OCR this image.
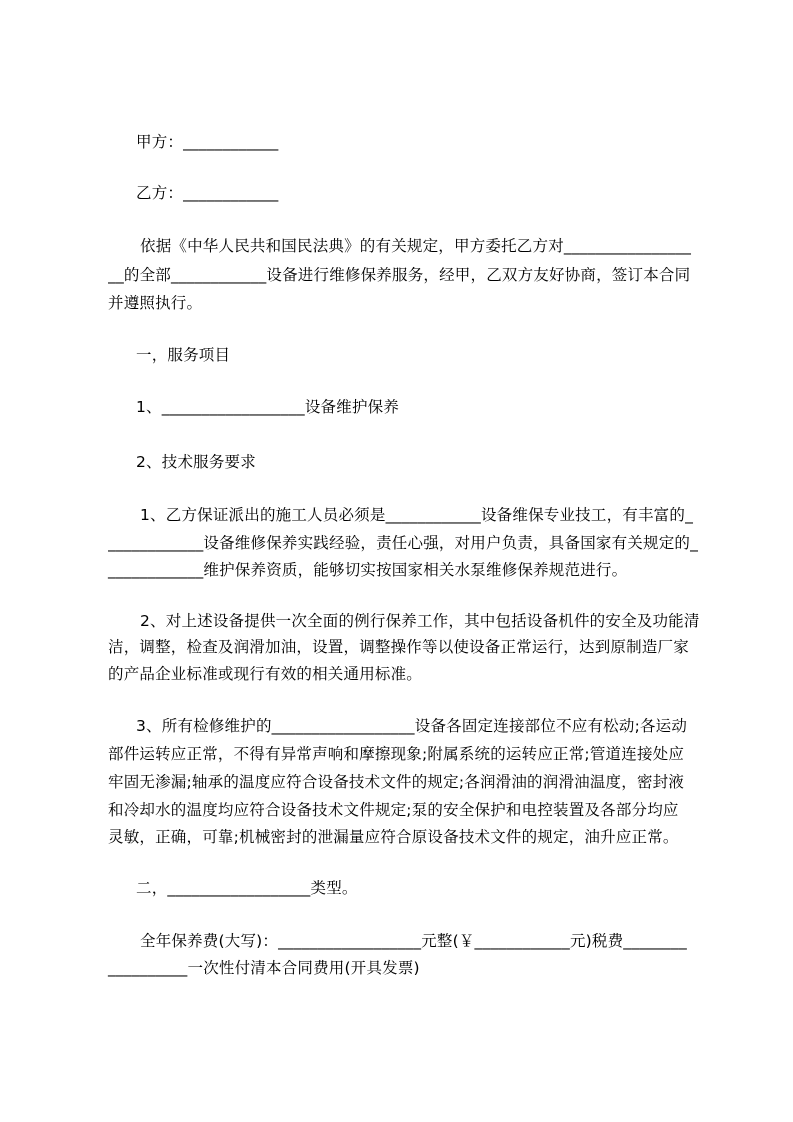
甲方：____________
乙方：____________
依据《中华人民共和国民法典》的有关规定，甲方委托乙方对________________
__的全部____________设备进行维修保养服务，经甲，乙双方友好协商，签订本合同
并遵照执行。
一，服务项目
1、__________________设备维护保养
2、技术服务要求
1、乙方保证派出的施工人员必须是____________设备维保专业技工，有丰富的_
____________设备维修保养实践经验，责任心强，对用户负责，具备国家有关规定的_
____________维护保养资质，能够切实按国家相关水泵维修保养规范进行。
2、对上述设备提供一次全面的例行保养工作，其中包括设备机件的安全及功能清
洁，调整，检查及润滑加油，设置，调整操作等以使设备正常运行，达到原制造厂家
的产品企业标准或现行有效的相关通用标准。
3、所有检修维护的__________________设备各固定连接部位不应有松动;各运动
部件运转应正常，不得有异常声响和摩擦现象;附属系统的运转应正常;管道连接处应
牢固无渗漏;轴承的温度应符合设备技术文件的规定;各润滑油的润滑油温度，密封液
和冷却水的温度均应符合设备技术文件规定;泵的安全保护和电控装置及各部分均应
灵敏，正确，可靠;机械密封的泄漏量应符合原设备技术文件的规定，油升应正常。
二，__________________类型。
全年保养费(大写)：__________________元整(￥____________元)税费________
__________一次性付清本合同费用(开具发票)
